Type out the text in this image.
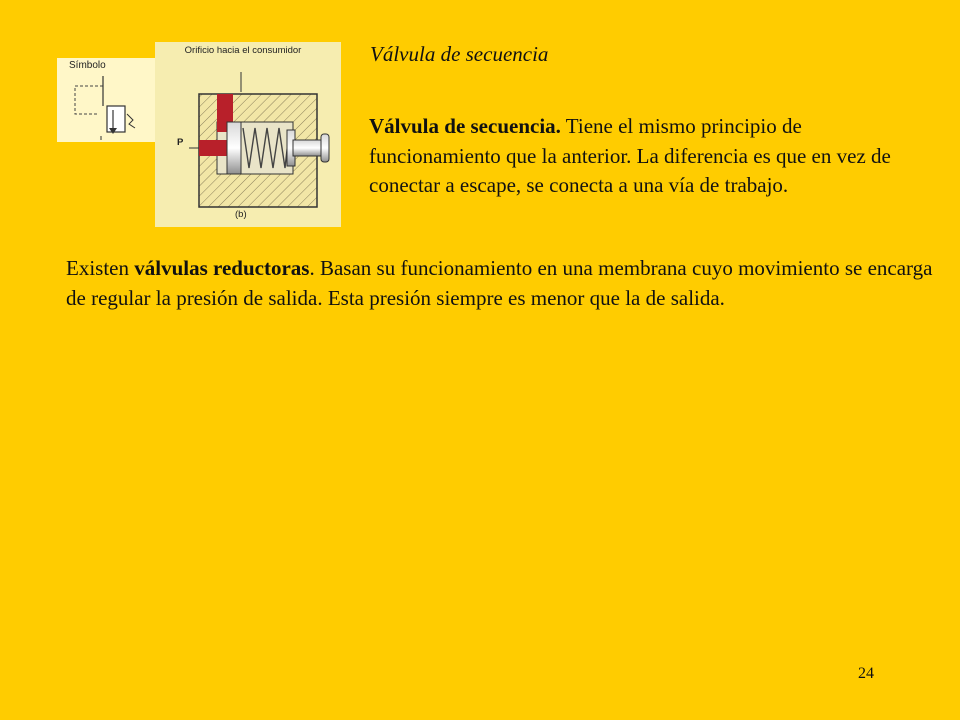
Válvula de secuencia
Símbolo
Orificio hacia el consumidor
P
(b)

Válvula de secuencia. Tiene el mismo principio de funcionamiento que la anterior. La diferencia es que en vez de conectar a escape, se conecta a una vía de trabajo.

Existen válvulas reductoras. Basan su funcionamiento en una membrana cuyo movimiento se encarga de regular la presión de salida. Esta presión siempre es menor que la de salida.

24
